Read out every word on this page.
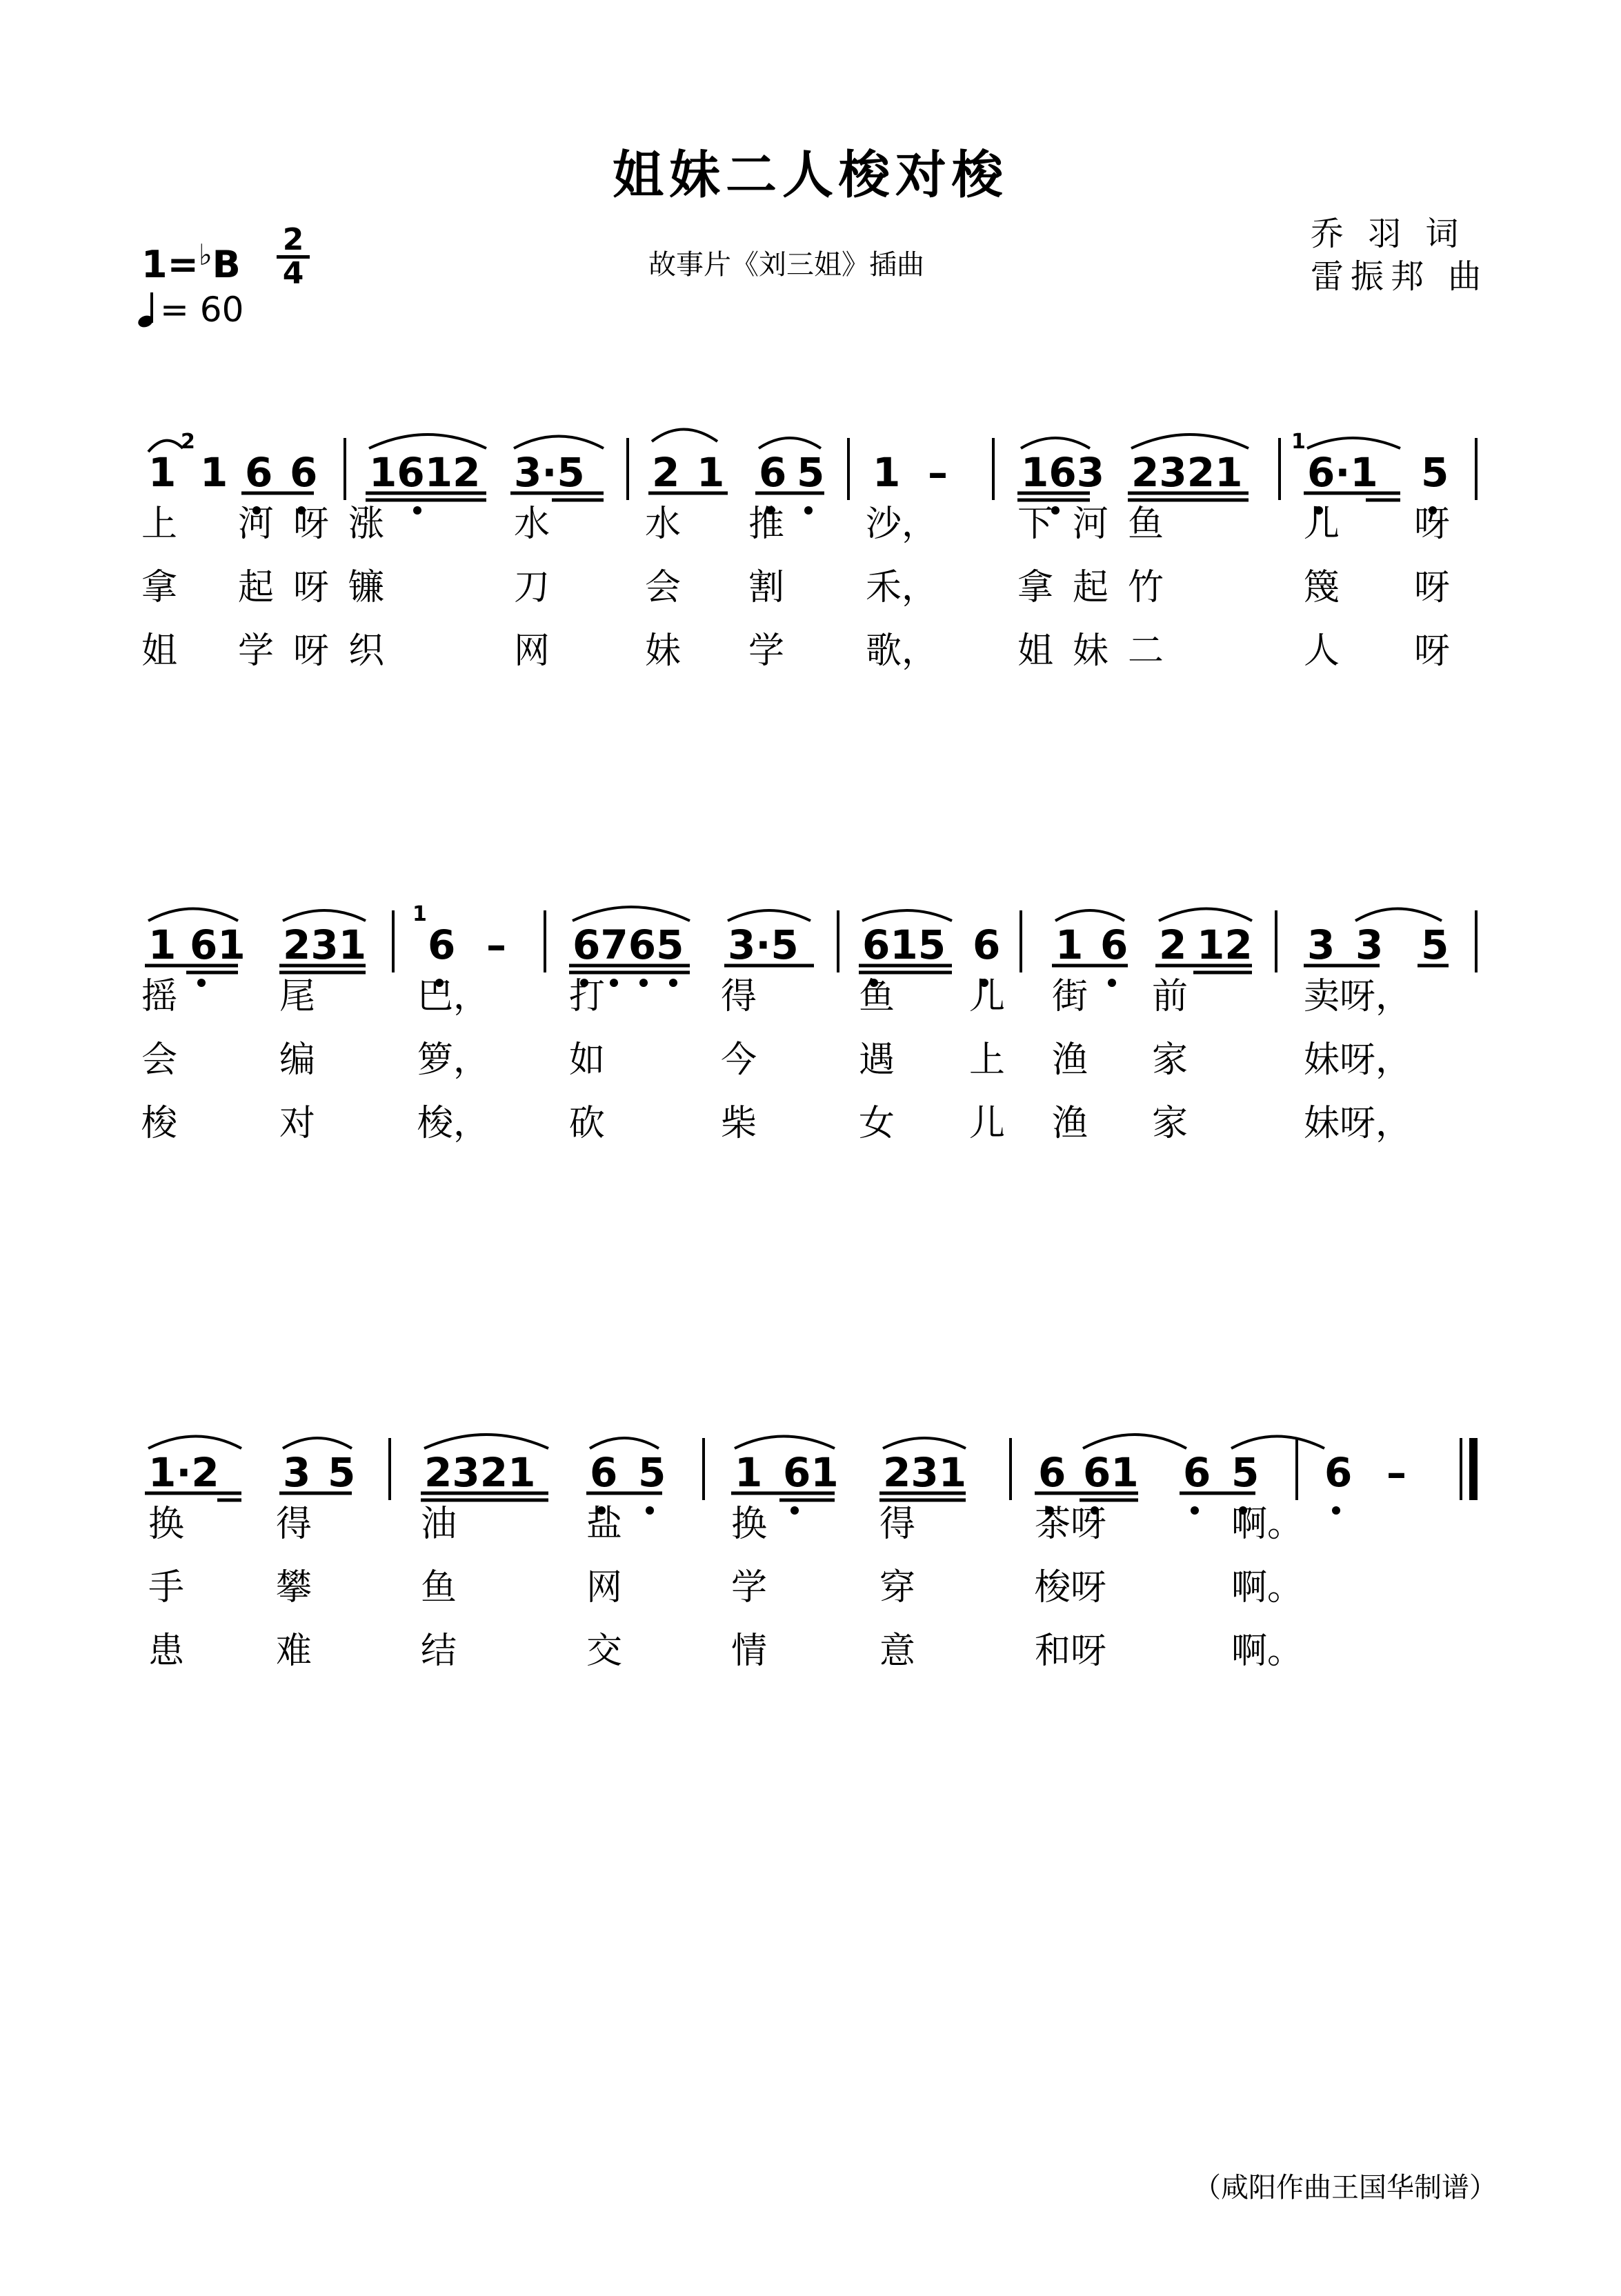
姐妹二人梭对梭
故事片《刘三姐》插曲
乔 羽 词
雷振邦 曲
1=♭B
2
4
= 60
1 1 6 6 1612 3·5 2 1 6 5 1 – 163 2321 6·1 5
2	1
上 河 呀 涨	水	水 推 沙， 下 河 鱼	儿 呀
拿 起 呀 镰	刀	会 割 禾， 拿 起 竹	篾 呀
姐 学 呀 织	网	妹 学 歌， 姐 妹 二	人 呀
1 61 231 6 – 6765 3·5 615 6 1 6 2 12 3 3 5
1
摇	尾	巴， 打	得	鱼 儿 街 前	卖呀，
会	编	箩， 如	今	遇 上 渔 家	妹呀，
梭	对	梭， 砍	柴	女 儿 渔 家	妹呀，
1·2 3 5 2321 6 5 1 61 231 6 61 6 5 6 –
换	得	油	盐	换	得	茶呀	啊。
手	攀	鱼	网	学	穿	梭呀	啊。
患	难	结	交	情	意	和呀	啊。
（咸阳作曲王国华制谱）
